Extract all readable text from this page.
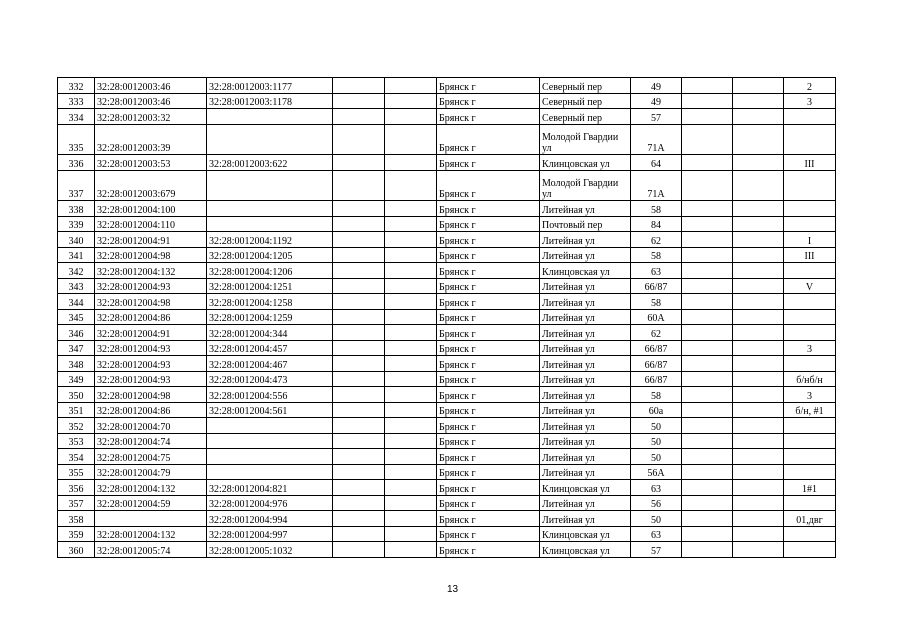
332	32:28:0012003:46	32:28:0012003:1177			Брянск г	Северный пер	49			2
333	32:28:0012003:46	32:28:0012003:1178			Брянск г	Северный пер	49			3
334	32:28:0012003:32				Брянск г	Северный пер	57			
335	32:28:0012003:39				Брянск г	Молодой Гвардии ул	71А			
336	32:28:0012003:53	32:28:0012003:622			Брянск г	Клинцовская ул	64			III
337	32:28:0012003:679				Брянск г	Молодой Гвардии ул	71А			
338	32:28:0012004:100				Брянск г	Литейная ул	58			
339	32:28:0012004:110				Брянск г	Почтовый пер	84			
340	32:28:0012004:91	32:28:0012004:1192			Брянск г	Литейная ул	62			I
341	32:28:0012004:98	32:28:0012004:1205			Брянск г	Литейная ул	58			III
342	32:28:0012004:132	32:28:0012004:1206			Брянск г	Клинцовская ул	63			
343	32:28:0012004:93	32:28:0012004:1251			Брянск г	Литейная ул	66/87			V
344	32:28:0012004:98	32:28:0012004:1258			Брянск г	Литейная ул	58			
345	32:28:0012004:86	32:28:0012004:1259			Брянск г	Литейная ул	60А			
346	32:28:0012004:91	32:28:0012004:344			Брянск г	Литейная ул	62			
347	32:28:0012004:93	32:28:0012004:457			Брянск г	Литейная ул	66/87			3
348	32:28:0012004:93	32:28:0012004:467			Брянск г	Литейная ул	66/87			
349	32:28:0012004:93	32:28:0012004:473			Брянск г	Литейная ул	66/87			б/нб/н
350	32:28:0012004:98	32:28:0012004:556			Брянск г	Литейная ул	58			3
351	32:28:0012004:86	32:28:0012004:561			Брянск г	Литейная ул	60а			б/н, #1
352	32:28:0012004:70				Брянск г	Литейная ул	50			
353	32:28:0012004:74				Брянск г	Литейная ул	50			
354	32:28:0012004:75				Брянск г	Литейная ул	50			
355	32:28:0012004:79				Брянск г	Литейная ул	56А			
356	32:28:0012004:132	32:28:0012004:821			Брянск г	Клинцовская ул	63			1#1
357	32:28:0012004:59	32:28:0012004:976			Брянск г	Литейная ул	56			
358		32:28:0012004:994			Брянск г	Литейная ул	50			01,двг
359	32:28:0012004:132	32:28:0012004:997			Брянск г	Клинцовская ул	63			
360	32:28:0012005:74	32:28:0012005:1032			Брянск г	Клинцовская ул	57			
13
